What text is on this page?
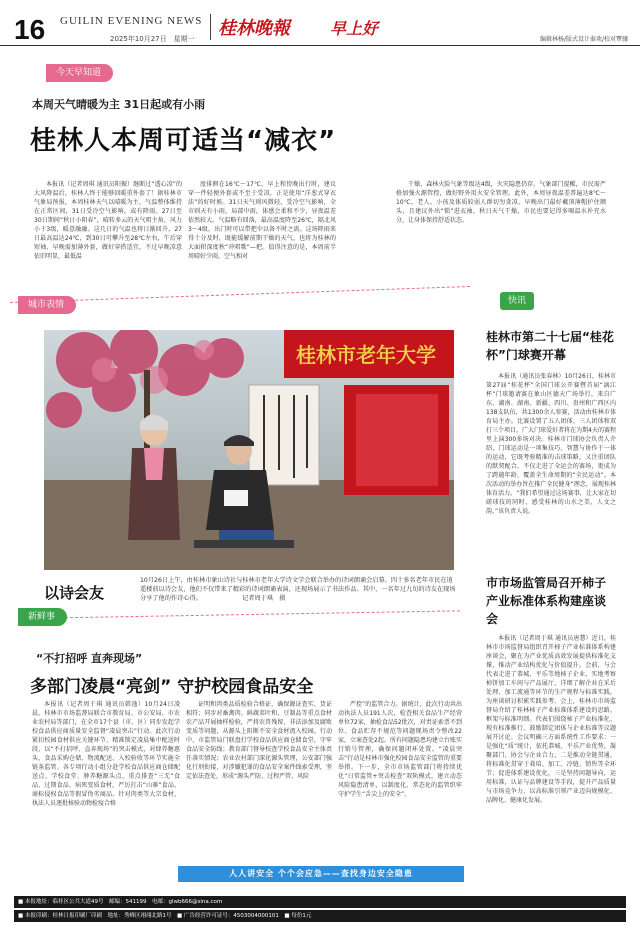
16 GUILIN EVENING NEWS
2025年10月27日　星期一 桂林晚報	早上好
编辑林杨/版式设计秦欢/校对覃骧
今天早知道
本周天气晴暖为主 31日起或有小雨
桂林人本周可适当“减衣”

本报讯（记者周琪 通讯员阳振）继断过“透心凉”的大风降温后，桂林人终于能够回暖重外套了！据桂林市气象局预报，本周桂林天气以晴暖为主，气温整体维持在正常区间，31日受冷空气影响，或有降雨。27日至30日期间“秋日小阳春”，晴转多云的天气唱主角，风力小于3级，暖意融融。这几日的气温也将日渐回升，27日最高温达24℃，到30日可攀升至28℃左右，午后穿短袖、早晚需加薄外套，做好穿搭适宜，不过早晚凉意依旧明显，最低温

度徘徊在16℃～17℃，早上和傍晚出行时，建议穿一件轻便外套或不至于受凉，正是使用“洋葱式穿衣法”的好时候。31日天气则风微轻，受冷空气影响，全市则天有小雨，局部中雨，体感会柔和不少，昼夜温差依然较大。气温略有回落，最高温度降至26℃，隔北风3～4级，出门时可以带把伞以备不时之需。这场降雨来得十分及时，既能缓解前期干燥的天气，也将为桂林的大面积深度秋“冲唱歌”—把。值得注意的是，本周前半周晴好少雨，空气相对

干燥，森林火险气象等级达4级，火灾隐患仍存。气象部门提醒，市民需严格加强火源管控，做好野外用火安全管理。此外，本周昼夜温差普遍达8℃～10℃，老人、小孩及体质较弱人群切勿贪凉，早晚出门最好戴顶薄帽护住额头，且建议外出“锁”进衣袖，秋日天气干燥，市民也要记得多喝温水补充水分，让身体保持舒适状态。

城市表情
桂林市老年大学
以诗会友
10月26日上午，由桂林市象山诗社与桂林市老年大学诗文学会联合举办的诗词朗诵会启幕。四十多名老年市民在逍遥楼前以诗会友，他们不仅带来了精彩的诗词朗诵表演，还现场展示了书法作品。其中，一名年过九旬的诗友在现场分享了他的作诗心得。　　　　　　　记者周于琪　摄
新鲜事
“不打招呼 直奔现场”
多部门凌晨“亮剑” 守护校园食品安全

本报讯（记者周于琪 通讯员韩逸）10月24日凌晨，桂林市市场监督局联合市教育局、市公安局、市农业农村局等部门，在全市17个县（市、区）同步发起学校食品供应商质量安全监督“凌晨突击”行动。此次行动紧扣校园食材供应关键环节，精准锁定凌晨集中配送时段，以“不打招呼、直奔现场”的突击模式，对肆养糖惠头、食品采购仓储、物流配送、入校验收等环节实施全链条监管。各专项行动小组分赴学校食品供应商仓储配送点、学校食堂、肿养糖源头点，重点排查“三无”食品、过期食品、病死变质食材，严厉打击“山寨”食品、商标侵权食品等假冒伪劣商品。针对肉类等大宗食材，执法人员逐批核验动物检疫合格

证明和肉类品质检验合格证，确保源证查实、货证相符；同步对畜禽肉、鲜蔬菜叶和、豆制品等重点食材农产品开展抽样检验，严将农兽残留、非法添加及腐败变质等问题，从源头上阻断不安全食材流入校园。行动中，市监管局门联盘打学校食品供应商仓储食堂，守牢食品安全防线；教育部门督导校查学校食品安全主体责任落实情况；农业农村部门深化源头管理，公安部门强化行刑衔接，对涉嫌犯罪的食品安全案件线索受理，坚定依法查处，形成“源头严防、过程严管、风险

严控”的监管合力。据统计，此次行动共出动执法人员191人次，检查相关食品生产经营单位72家，抽检食品52批次，对责证索票不到位、食品贮存不规范等问题现场责令整改22家，立案查处2起。所有问题隐患均建立台账实行销号管理，确保问题闭环处置。“凌晨突击”行动是桂林市强化校园食品安全监管的重要举措。下一步，全市市场监管部门将持续优化“日常监管+突击检查”双轨模式，建立动态风险隐患清单，以制度化、常态化的监管织牢守护学生“舌尖上的安全”。

人人讲安全 个个会应急——查找身边安全隐患
快讯
桂林市第二十七届“桂花杯”门球赛开幕

本报讯（通讯员张春林）10月26日，桂林市第27届“桂花杯”全国门球公开赛暨首届“漓江杯”门球邀请赛在象山区德天广场举行，来自广东、湖南、湖南、新疆、四川、贵州和广西区内138支队伍，共1300余人参赛，活动由桂林市体育局主办。比赛设置了五人团体、三人团体和双打三个项目，广大门球爱好者将在为期4天的赛程里上演300多场对决。桂林市门球协会负责人介绍，门球运动是一项集技巧、智慧与协作于一体的运动，它既考验精准的击球策略，又注重团队的默契配合，不仅走进了全运会的赛场，更成为了跨越年龄、覆盖全生命周期的“全民运动”。本次活动的举办旨在推广全民健身“理念，展现桂林体育活力。“我们希望通过这场赛事，让大家在切磋球技的同时，感受桂林的山水之美、人文之韵，”该负责人说。

市市场监管局召开柿子产业标准体系构建座谈会

本报讯（记者周于琪 通讯员唐慧）近日，桂林市市场监督局组织召开柿子产业标准体系构建座谈会，聚在为产业优质高效发展提供标准化支撑，推动产业结构优化与价值提升。会前，与会代表走进了恭城、平乐等地柿子企业，实地考察柿饼加工车间与产品展厅，详细了解企业在采后处理、加工流通等环节的生产规程与标准实践，为座谈研讨积累实践参考。会上，桂林市市场监督局介绍了桂林柿子产业标准体系建设的思路，框架与标准明细。代表们围绕柿子产业标准化、现有标准推行、鼓励制定团体与企业标准等议题展开讨论。会议明确三方面系统性工作要求：一是强化“质”统计，依托恭城、平乐产业优势，凝聚部门、协会与企业合力，二是推动全链贯通，将标准化贯穿于栽培、加工、冷链、销售等全环节；促进体系建设优化，三是坚持问题导向，运用标准，认证与品牌建设等手段，提升产品质量与市场竞争力，以高标准引领产业迈向规模化、品牌化、健康化发展。

■ 本报地址：临桂区公共大道49号　邮编：541199　电邮：glwb666@sina.com
■ 本报印刷：桂林日报印刷厂印刷　地址：秀峰区翊翊北路1号　■ 广告经营许可证号：4503004000101　■ 每份1元
